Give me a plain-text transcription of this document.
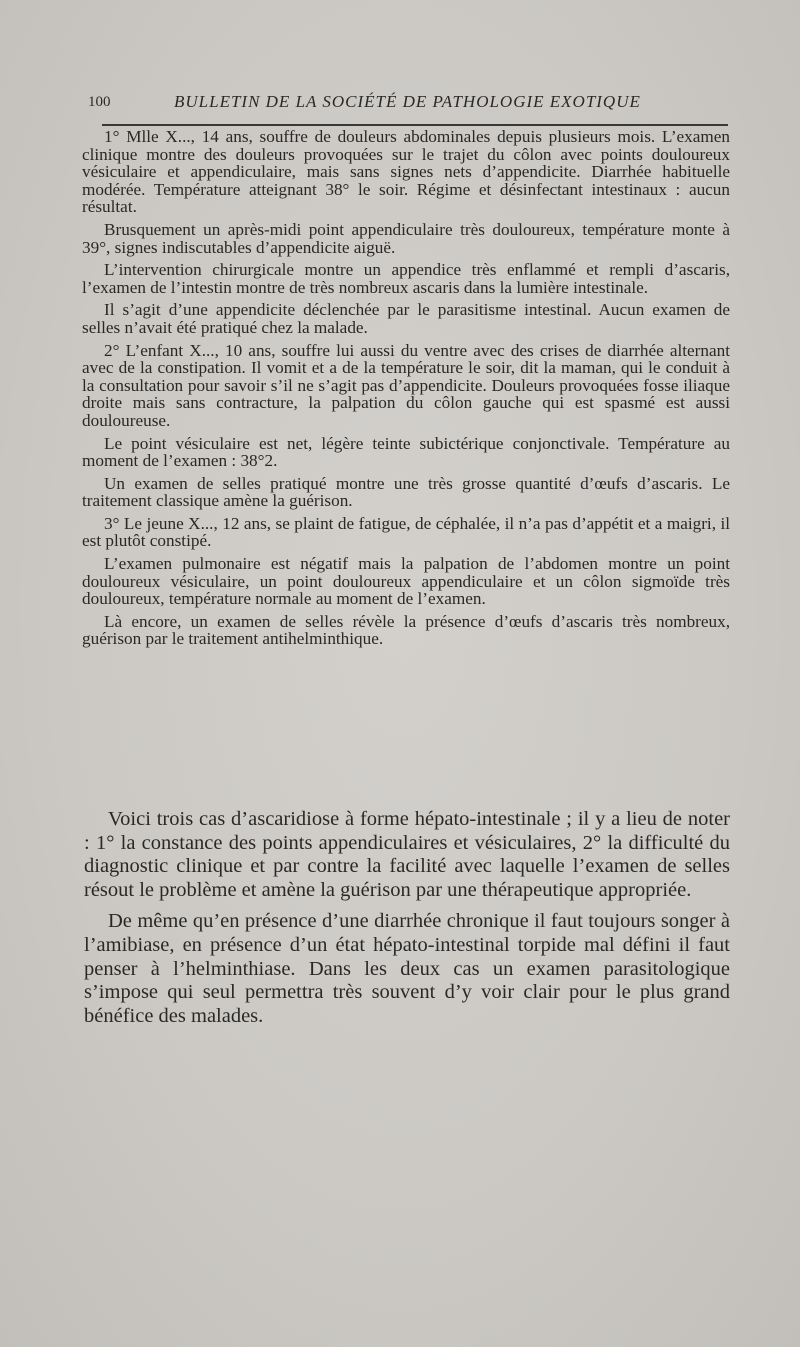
100	BULLETIN DE LA SOCIÉTÉ DE PATHOLOGIE EXOTIQUE

1° Mlle X..., 14 ans, souffre de douleurs abdominales depuis plusieurs mois. L’examen clinique montre des douleurs provoquées sur le trajet du côlon avec points douloureux vésiculaire et appendiculaire, mais sans signes nets d’appendicite. Diarrhée habituelle modérée. Température atteignant 38° le soir. Régime et désinfectant intestinaux : aucun résultat.

Brusquement un après-midi point appendiculaire très douloureux, température monte à 39°, signes indiscutables d’appendicite aiguë.

L’intervention chirurgicale montre un appendice très enflammé et rempli d’ascaris, l’examen de l’intestin montre de très nombreux ascaris dans la lumière intestinale.

Il s’agit d’une appendicite déclenchée par le parasitisme intestinal. Aucun examen de selles n’avait été pratiqué chez la malade.

2° L’enfant X..., 10 ans, souffre lui aussi du ventre avec des crises de diarrhée alternant avec de la constipation. Il vomit et a de la température le soir, dit la maman, qui le conduit à la consultation pour savoir s’il ne s’agit pas d’appendicite. Douleurs provoquées fosse iliaque droite mais sans contracture, la palpation du côlon gauche qui est spasmé est aussi douloureuse.

Le point vésiculaire est net, légère teinte subictérique conjonctivale. Température au moment de l’examen : 38°2.

Un examen de selles pratiqué montre une très grosse quantité d’œufs d’ascaris. Le traitement classique amène la guérison.

3° Le jeune X..., 12 ans, se plaint de fatigue, de céphalée, il n’a pas d’appétit et a maigri, il est plutôt constipé.

L’examen pulmonaire est négatif mais la palpation de l’abdomen montre un point douloureux vésiculaire, un point douloureux appendiculaire et un côlon sigmoïde très douloureux, température normale au moment de l’examen.

Là encore, un examen de selles révèle la présence d’œufs d’ascaris très nombreux, guérison par le traitement antihelminthique.

Voici trois cas d’ascaridiose à forme hépato-intestinale ; il y a lieu de noter : 1° la constance des points appendiculaires et vésiculaires, 2° la difficulté du diagnostic clinique et par contre la facilité avec laquelle l’examen de selles résout le problème et amène la guérison par une thérapeutique appropriée.

De même qu’en présence d’une diarrhée chronique il faut toujours songer à l’amibiase, en présence d’un état hépato-intestinal torpide mal défini il faut penser à l’helminthiase. Dans les deux cas un examen parasitologique s’impose qui seul permettra très souvent d’y voir clair pour le plus grand bénéfice des malades.
